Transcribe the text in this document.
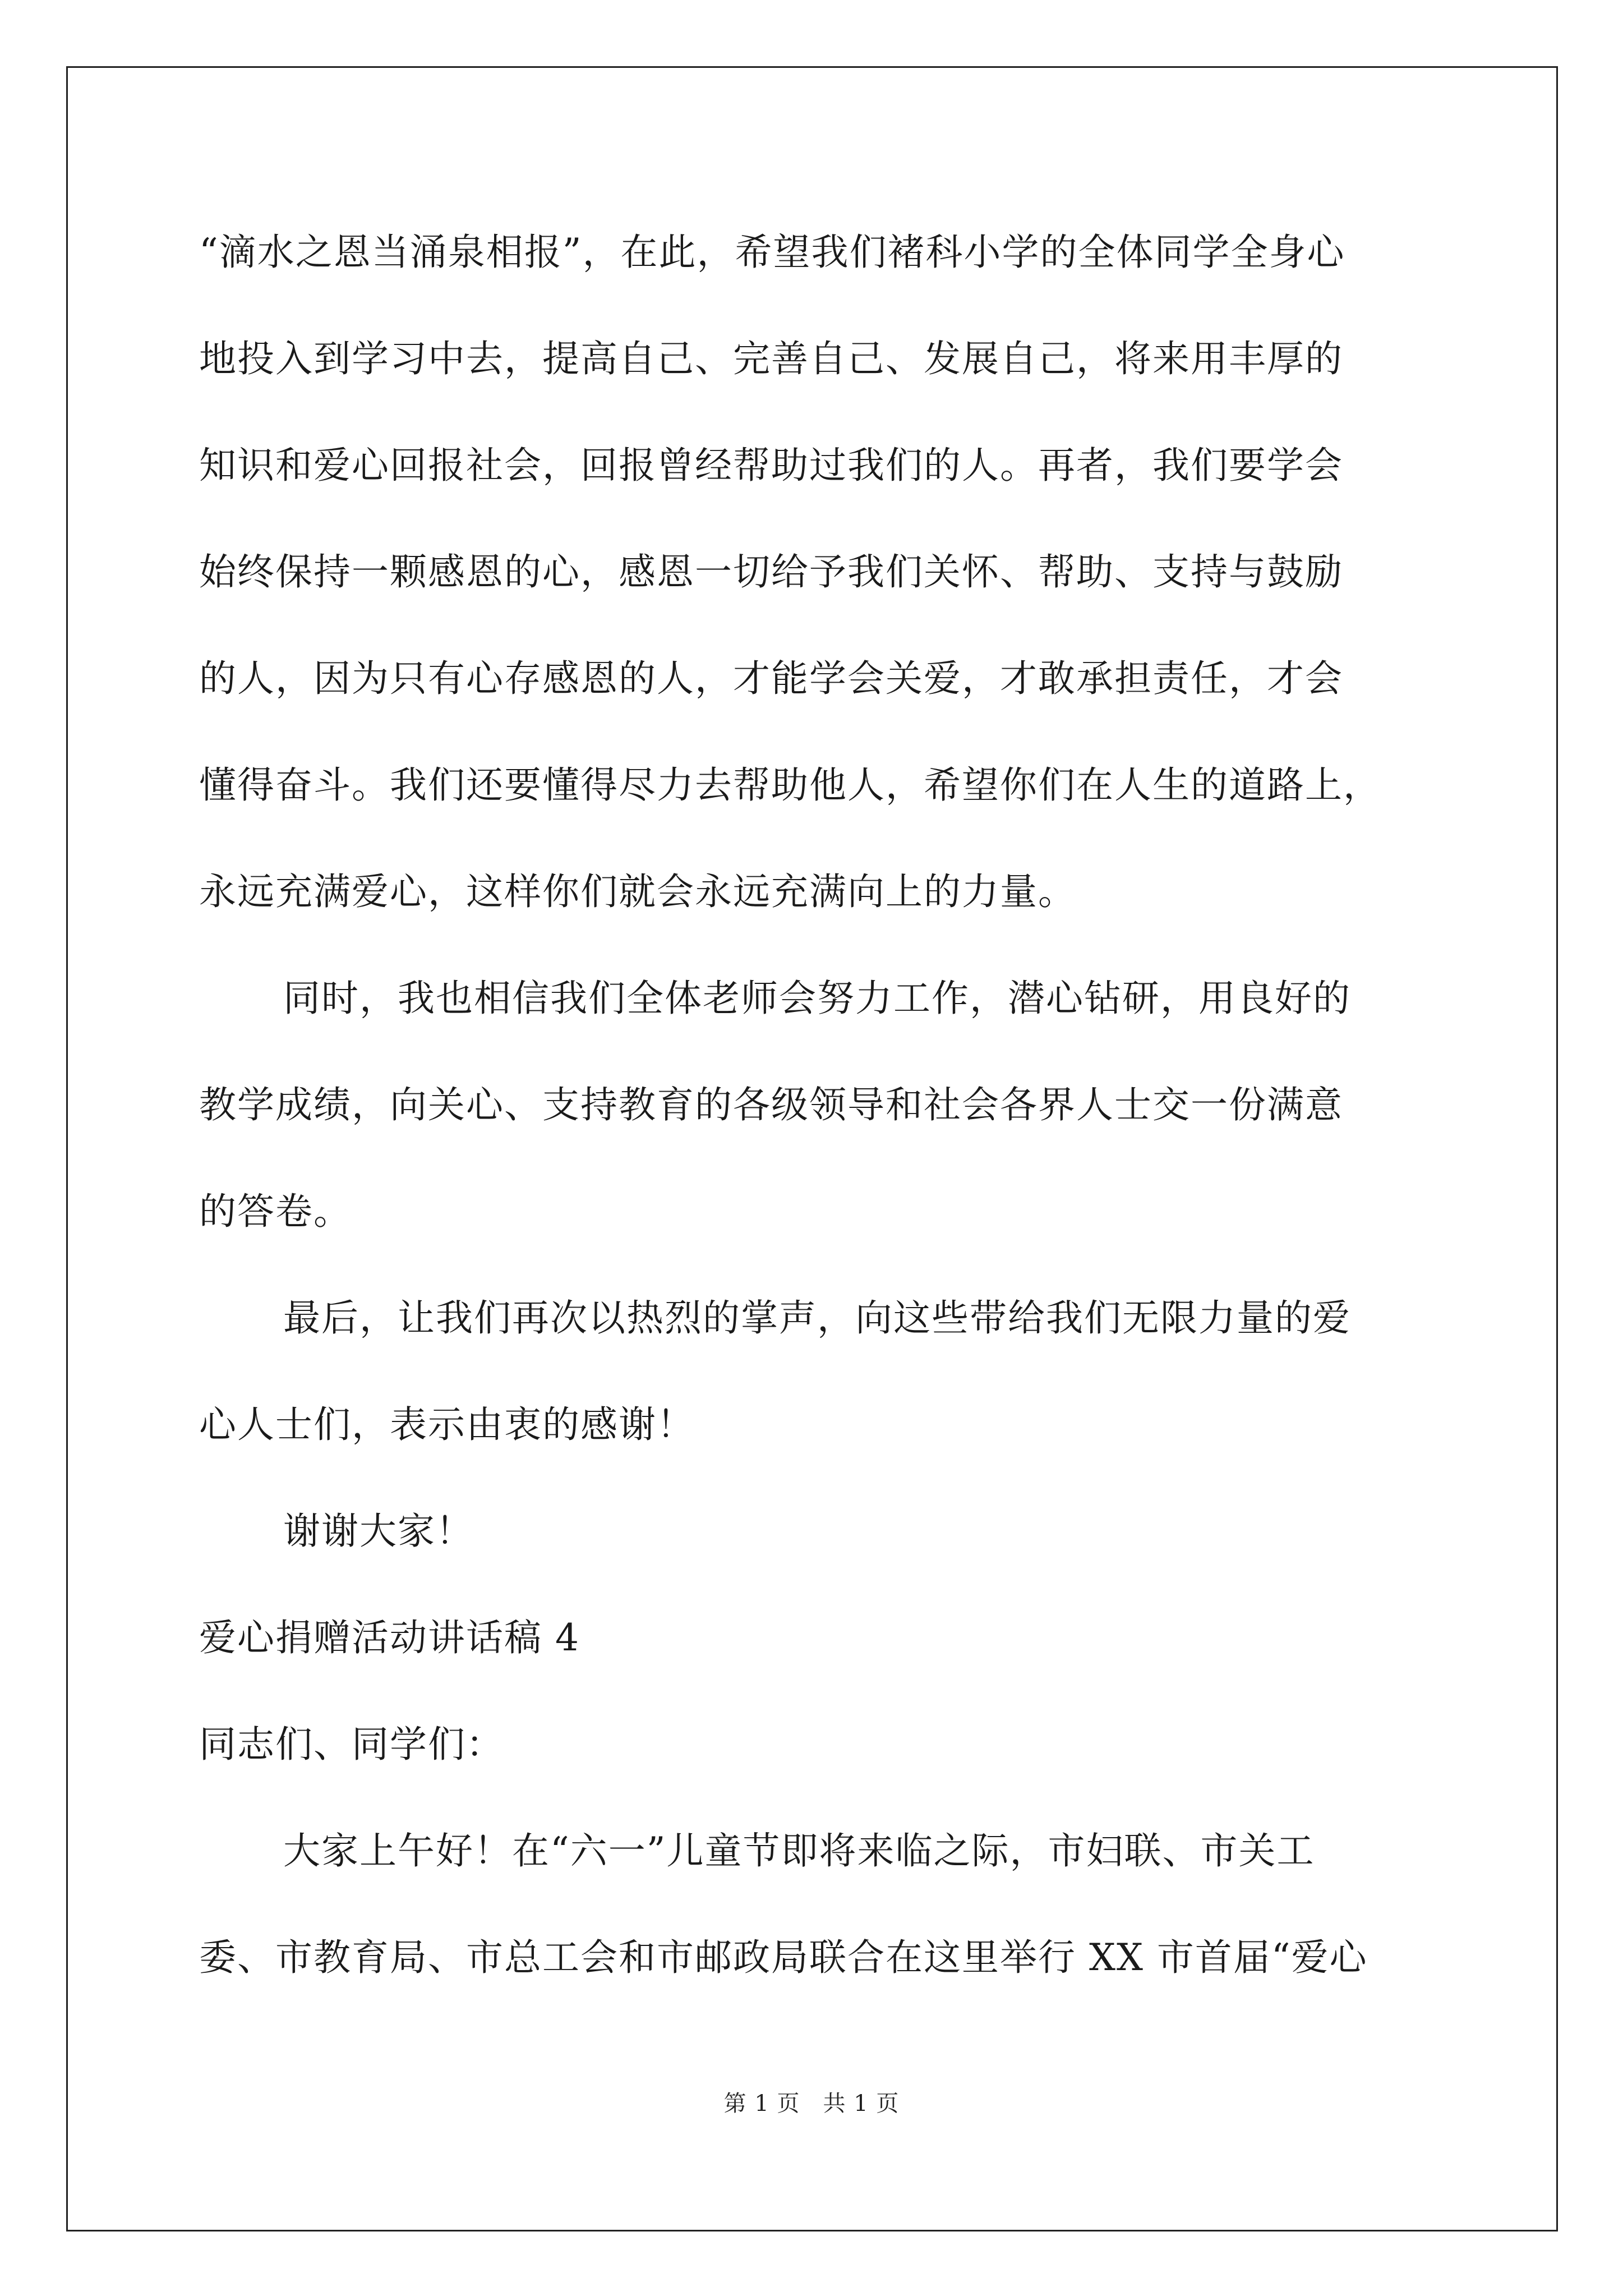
“滴水之恩当涌泉相报”，在此，希望我们褚科小学的全体同学全身心
地投入到学习中去，提高自己、完善自己、发展自己，将来用丰厚的
知识和爱心回报社会，回报曾经帮助过我们的人。再者，我们要学会
始终保持一颗感恩的心，感恩一切给予我们关怀、帮助、支持与鼓励
的人，因为只有心存感恩的人，才能学会关爱，才敢承担责任，才会
懂得奋斗。我们还要懂得尽力去帮助他人，希望你们在人生的道路上，
永远充满爱心，这样你们就会永远充满向上的力量。
同时，我也相信我们全体老师会努力工作，潜心钻研，用良好的
教学成绩，向关心、支持教育的各级领导和社会各界人士交一份满意
的答卷。
最后，让我们再次以热烈的掌声，向这些带给我们无限力量的爱
心人士们，表示由衷的感谢！
谢谢大家！
爱心捐赠活动讲话稿 4
同志们、同学们：
大家上午好！在“六一”儿童节即将来临之际，市妇联、市关工
委、市教育局、市总工会和市邮政局联合在这里举行 XX 市首届“爱心
第 1 页　共 1 页
